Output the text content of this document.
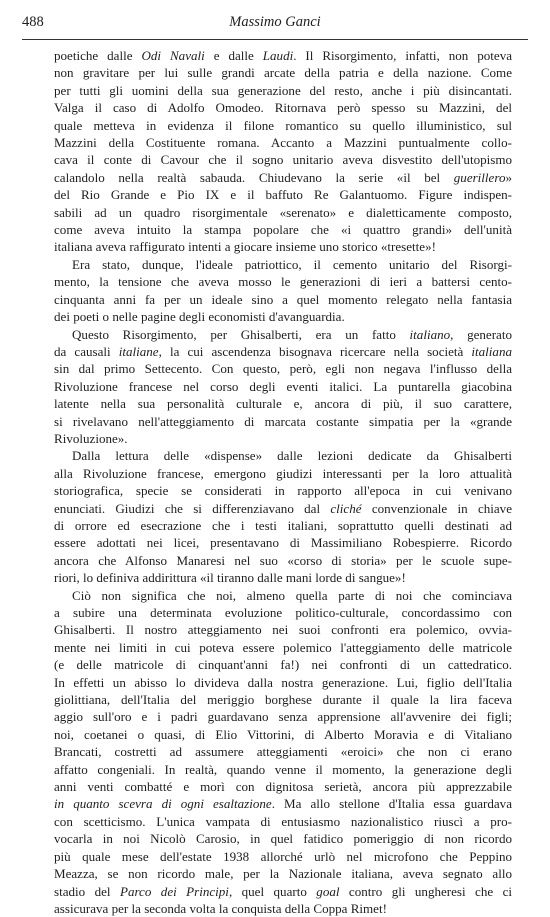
488	Massimo Ganci
poetiche dalle Odi Navali e dalle Laudi. Il Risorgimento, infatti, non poteva
non gravitare per lui sulle grandi arcate della patria e della nazione. Come
per tutti gli uomini della sua generazione del resto, anche i più disincantati.
Valga il caso di Adolfo Omodeo. Ritornava però spesso su Mazzini, del
quale metteva in evidenza il filone romantico su quello illuministico, sul
Mazzini della Costituente romana. Accanto a Mazzini puntualmente collo-
cava il conte di Cavour che il sogno unitario aveva disvestito dell'utopismo
calandolo nella realtà sabauda. Chiudevano la serie «il bel guerillero»
del Rio Grande e Pio IX e il baffuto Re Galantuomo. Figure indispen-
sabili ad un quadro risorgimentale «serenato» e dialetticamente composto,
come aveva intuito la stampa popolare che «i quattro grandi» dell'unità
italiana aveva raffigurato intenti a giocare insieme uno storico «tresette»!
Era stato, dunque, l'ideale patriottico, il cemento unitario del Risorgi-
mento, la tensione che aveva mosso le generazioni di ieri a battersi cento-
cinquanta anni fa per un ideale sino a quel momento relegato nella fantasia
dei poeti o nelle pagine degli economisti d'avanguardia.
Questo Risorgimento, per Ghisalberti, era un fatto italiano, generato
da causali italiane, la cui ascendenza bisognava ricercare nella società italiana
sin dal primo Settecento. Con questo, però, egli non negava l'influsso della
Rivoluzione francese nel corso degli eventi italici. La puntarella giacobina
latente nella sua personalità culturale e, ancora di più, il suo carattere,
si rivelavano nell'atteggiamento di marcata costante simpatia per la «grande
Rivoluzione».
Dalla lettura delle «dispense» dalle lezioni dedicate da Ghisalberti
alla Rivoluzione francese, emergono giudizi interessanti per la loro attualità
storiografica, specie se considerati in rapporto all'epoca in cui venivano
enunciati. Giudizi che si differenziavano dal cliché convenzionale in chiave
di orrore ed esecrazione che i testi italiani, soprattutto quelli destinati ad
essere adottati nei licei, presentavano di Massimiliano Robespierre. Ricordo
ancora che Alfonso Manaresi nel suo «corso di storia» per le scuole supe-
riori, lo definiva addirittura «il tiranno dalle mani lorde di sangue»!
Ciò non significa che noi, almeno quella parte di noi che cominciava
a subire una determinata evoluzione politico-culturale, concordassimo con
Ghisalberti. Il nostro atteggiamento nei suoi confronti era polemico, ovvia-
mente nei limiti in cui poteva essere polemico l'atteggiamento delle matricole
(e delle matricole di cinquant'anni fa!) nei confronti di un cattedratico.
In effetti un abisso lo divideva dalla nostra generazione. Lui, figlio dell'Italia
giolittiana, dell'Italia del meriggio borghese durante il quale la lira faceva
aggio sull'oro e i padri guardavano senza apprensione all'avvenire dei figli;
noi, coetanei o quasi, di Elio Vittorini, di Alberto Moravia e di Vitaliano
Brancati, costretti ad assumere atteggiamenti «eroici» che non ci erano
affatto congeniali. In realtà, quando venne il momento, la generazione degli
anni venti combatté e morì con dignitosa serietà, ancora più apprezzabile
in quanto scevra di ogni esaltazione. Ma allo stellone d'Italia essa guardava
con scetticismo. L'unica vampata di entusiasmo nazionalistico riuscì a pro-
vocarla in noi Nicolò Carosio, in quel fatidico pomeriggio di non ricordo
più quale mese dell'estate 1938 allorché urlò nel microfono che Peppino
Meazza, se non ricordo male, per la Nazionale italiana, aveva segnato allo
stadio del Parco dei Principi, quel quarto goal contro gli ungheresi che ci
assicurava per la seconda volta la conquista della Coppa Rimet!
